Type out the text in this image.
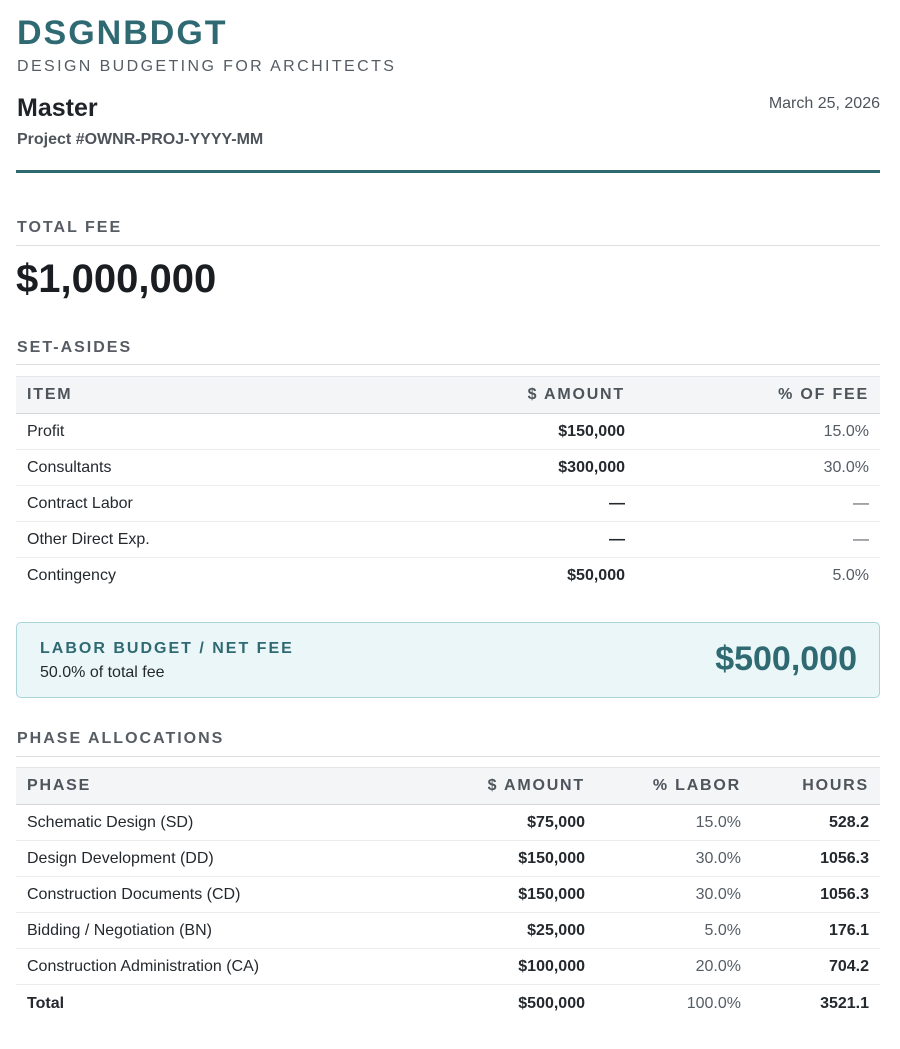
DSGNBDGT
DESIGN BUDGETING FOR ARCHITECTS
Master
Project #OWNR-PROJ-YYYY-MM
March 25, 2026
TOTAL FEE
$1,000,000
SET-ASIDES
ITEM	$ AMOUNT	% OF FEE
Profit	$150,000	15.0%
Consultants	$300,000	30.0%
Contract Labor	—	—
Other Direct Exp.	—	—
Contingency	$50,000	5.0%
LABOR BUDGET / NET FEE
50.0% of total fee	$500,000
PHASE ALLOCATIONS
PHASE	$ AMOUNT	% LABOR	HOURS
Schematic Design (SD)	$75,000	15.0%	528.2
Design Development (DD)	$150,000	30.0%	1056.3
Construction Documents (CD)	$150,000	30.0%	1056.3
Bidding / Negotiation (BN)	$25,000	5.0%	176.1
Construction Administration (CA)	$100,000	20.0%	704.2
Total	$500,000	100.0%	3521.1
